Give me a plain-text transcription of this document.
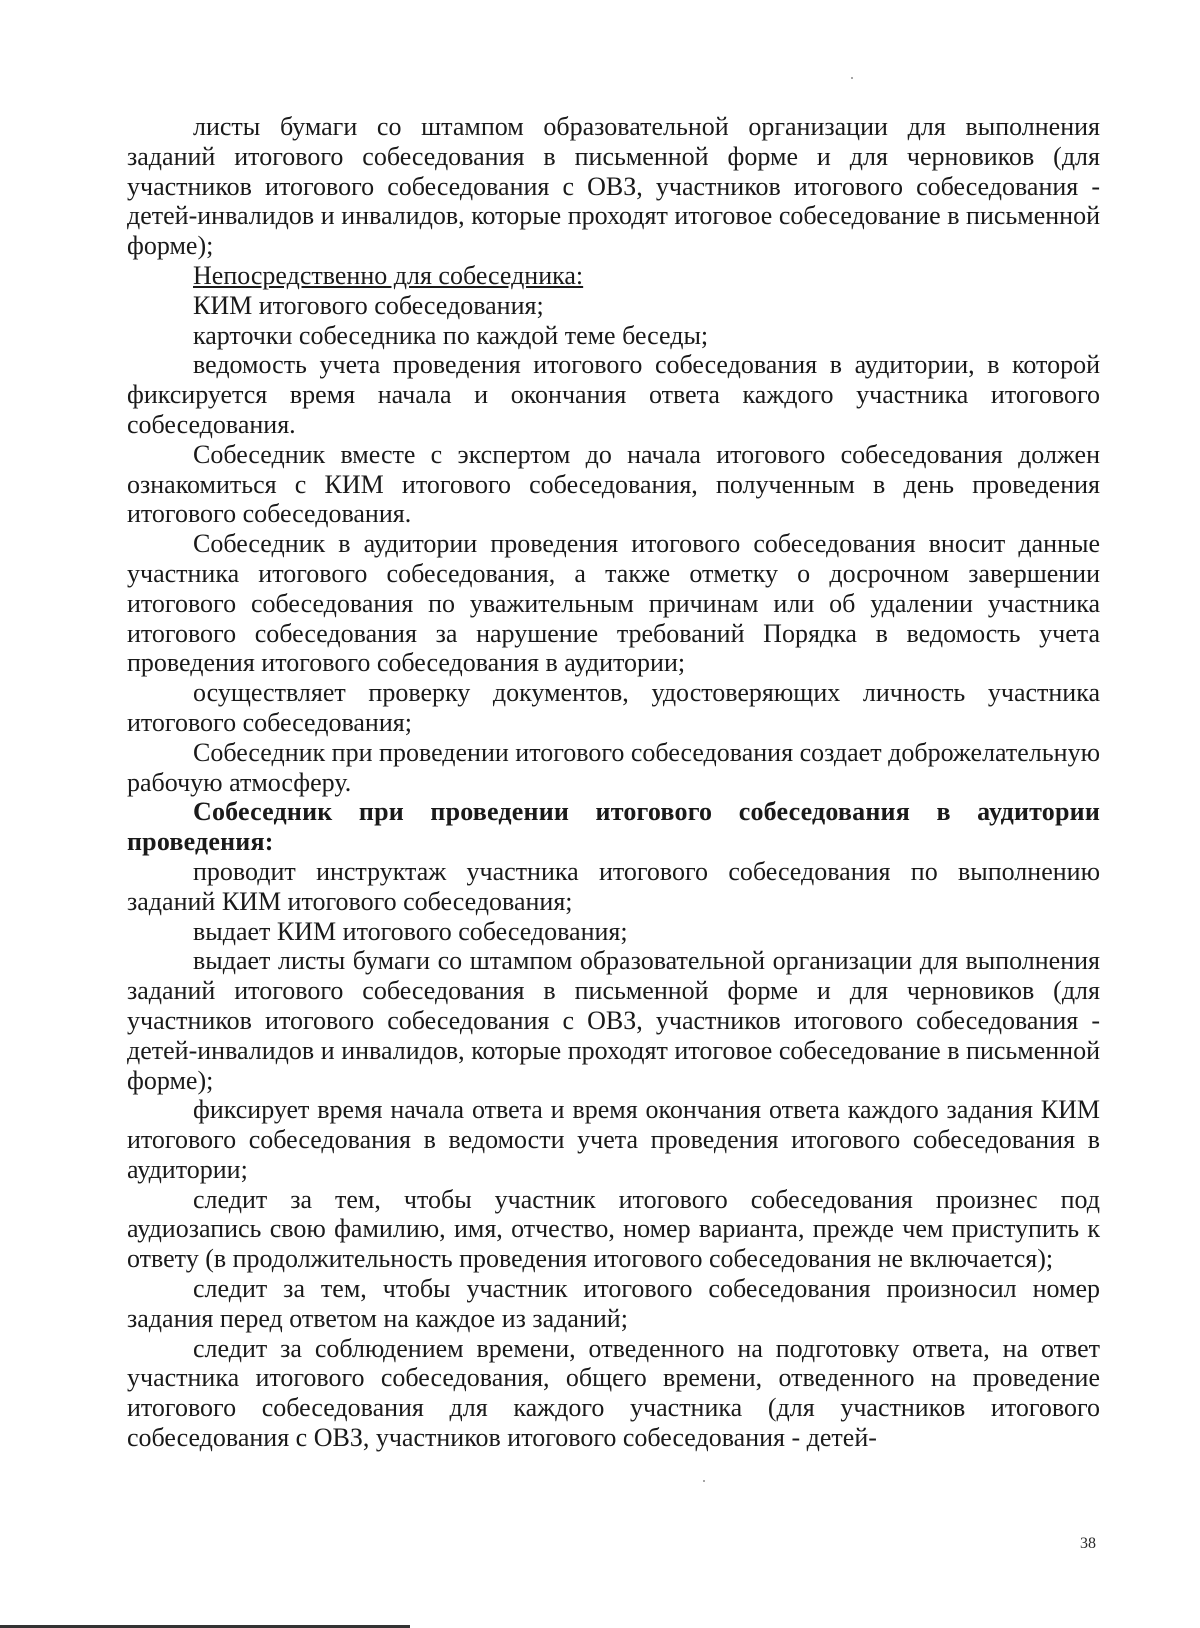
листы бумаги со штампом образовательной организации для выполнения заданий итогового собеседования в письменной форме и для черновиков (для участников итогового собеседования с ОВЗ, участников итогового собеседования - детей-инвалидов и инвалидов, которые проходят итоговое собеседование в письменной форме);

Непосредственно для собеседника:

КИМ итогового собеседования;

карточки собеседника по каждой теме беседы;

ведомость учета проведения итогового собеседования в аудитории, в которой фиксируется время начала и окончания ответа каждого участника итогового собеседования.

Собеседник вместе с экспертом до начала итогового собеседования должен ознакомиться с КИМ итогового собеседования, полученным в день проведения итогового собеседования.

Собеседник в аудитории проведения итогового собеседования вносит данные участника итогового собеседования, а также отметку о досрочном завершении итогового собеседования по уважительным причинам или об удалении участника итогового собеседования за нарушение требований Порядка в ведомость учета проведения итогового собеседования в аудитории;

осуществляет проверку документов, удостоверяющих личность участника итогового собеседования;

Собеседник при проведении итогового собеседования создает доброжелательную рабочую атмосферу.

Собеседник при проведении итогового собеседования в аудитории проведения:

проводит инструктаж участника итогового собеседования по выполнению заданий КИМ итогового собеседования;

выдает КИМ итогового собеседования;

выдает листы бумаги со штампом образовательной организации для выполнения заданий итогового собеседования в письменной форме и для черновиков (для участников итогового собеседования с ОВЗ, участников итогового собеседования - детей-инвалидов и инвалидов, которые проходят итоговое собеседование в письменной форме);

фиксирует время начала ответа и время окончания ответа каждого задания КИМ итогового собеседования в ведомости учета проведения итогового собеседования в аудитории;

следит за тем, чтобы участник итогового собеседования произнес под аудиозапись свою фамилию, имя, отчество, номер варианта, прежде чем приступить к ответу (в продолжительность проведения итогового собеседования не включается);

следит за тем, чтобы участник итогового собеседования произносил номер задания перед ответом на каждое из заданий;

следит за соблюдением времени, отведенного на подготовку ответа, на ответ участника итогового собеседования, общего времени, отведенного на проведение итогового собеседования для каждого участника (для участников итогового собеседования с ОВЗ, участников итогового собеседования - детей-

38
